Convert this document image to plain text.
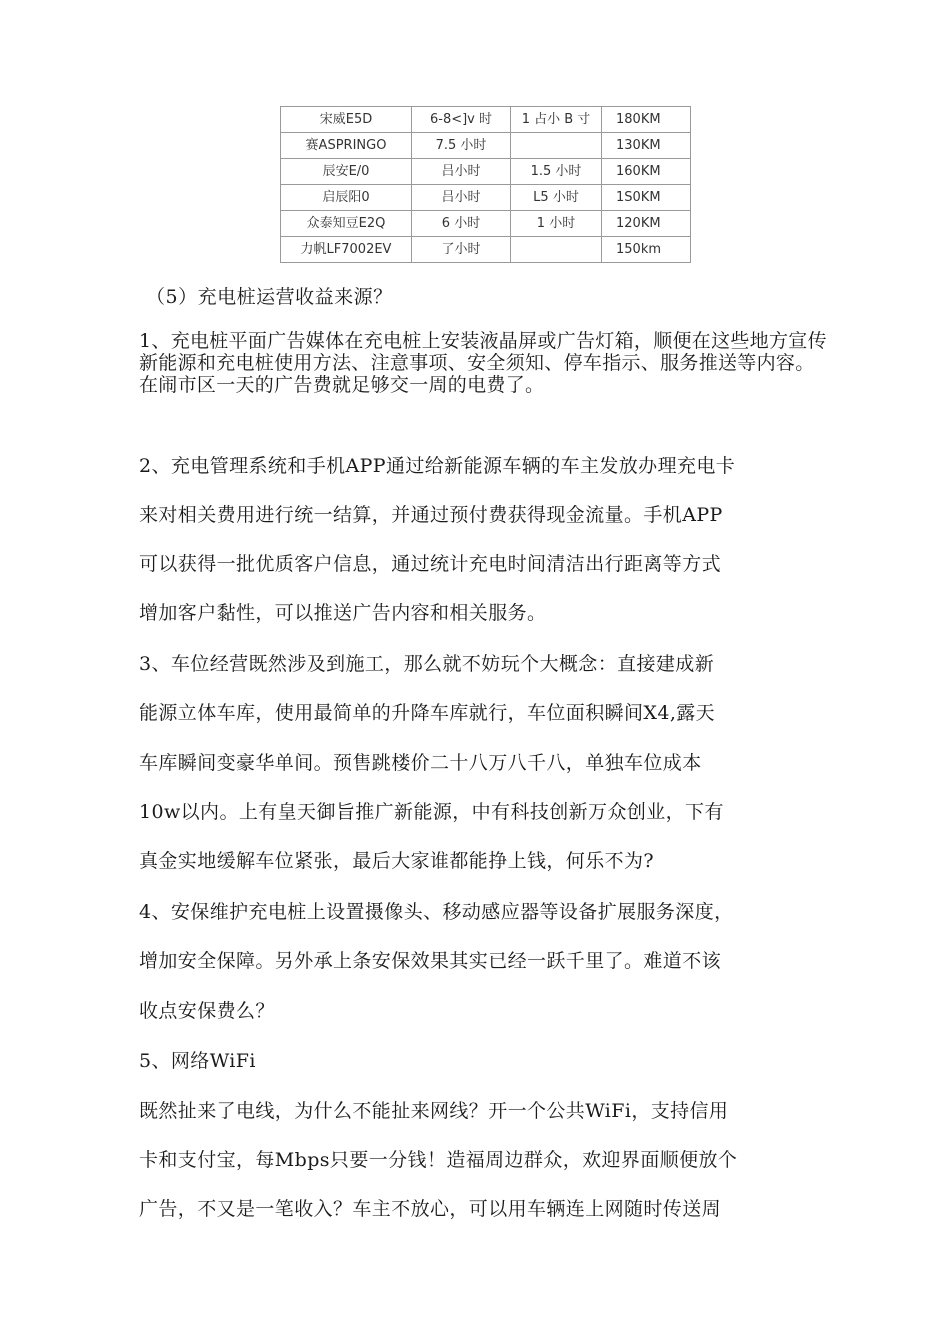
宋威E5D	6-8<]v 时	1 占小 B 寸	180KM
赛ASPRINGO	7.5 小时		130KM
辰安E/0	吕小时	1.5 小时	160KM
启辰阳0	吕小时	L5 小时	1S0KM
众泰知豆E2Q	6 小时	1 小时	120KM
力帆LF7002EV	了小时		150km
（5）充电桩运营收益来源？
1、充电桩平面广告媒体在充电桩上安装液晶屏或广告灯箱，顺便在这些地方宣传新能源和充电桩使用方法、注意事项、安全须知、停车指示、服务推送等内容。在闹市区一天的广告费就足够交一周的电费了。
2、充电管理系统和手机APP通过给新能源车辆的车主发放办理充电卡
来对相关费用进行统一结算，并通过预付费获得现金流量。手机APP
可以获得一批优质客户信息，通过统计充电时间清洁出行距离等方式
增加客户黏性，可以推送广告内容和相关服务。
3、车位经营既然涉及到施工，那么就不妨玩个大概念：直接建成新
能源立体车库，使用最简单的升降车库就行，车位面积瞬间X4,露天
车库瞬间变豪华单间。预售跳楼价二十八万八千八，单独车位成本
10w以内。上有皇天御旨推广新能源，中有科技创新万众创业，下有
真金实地缓解车位紧张，最后大家谁都能挣上钱，何乐不为?
4、安保维护充电桩上设置摄像头、移动感应器等设备扩展服务深度，
增加安全保障。另外承上条安保效果其实已经一跃千里了。难道不该
收点安保费么？
5、网络WiFi
既然扯来了电线，为什么不能扯来网线？开一个公共WiFi，支持信用
卡和支付宝，每Mbps只要一分钱！造福周边群众，欢迎界面顺便放个
广告，不又是一笔收入？车主不放心，可以用车辆连上网随时传送周
